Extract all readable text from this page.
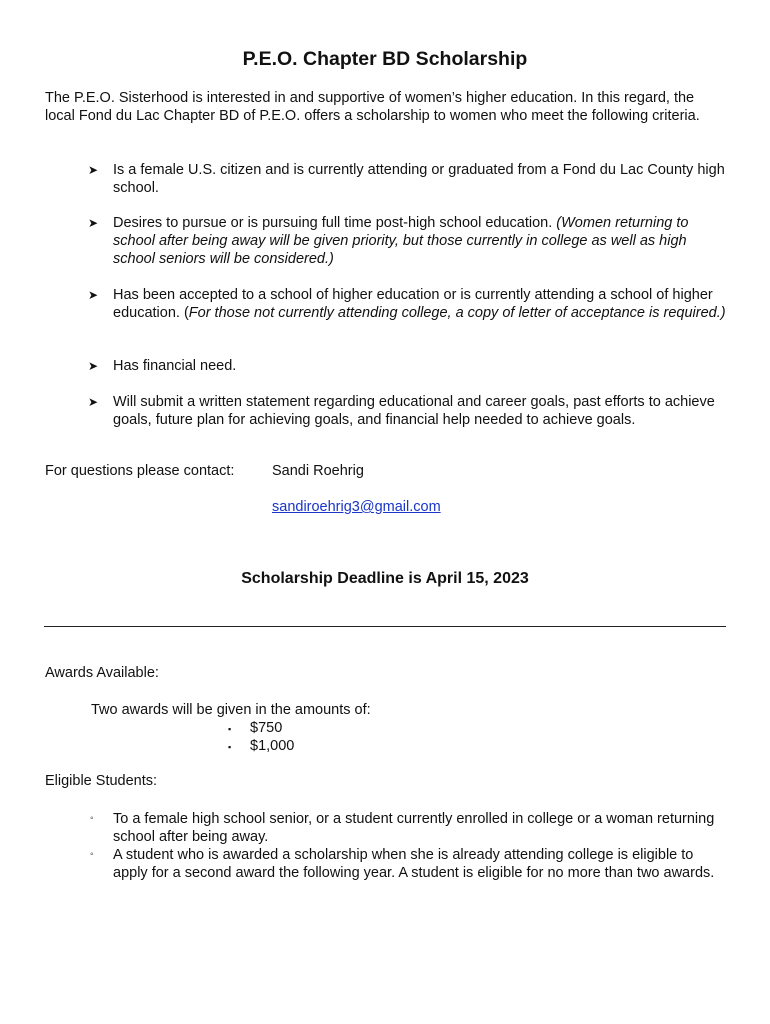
P.E.O. Chapter BD Scholarship
The P.E.O. Sisterhood is interested in and supportive of women’s higher education. In this regard, the local Fond du Lac Chapter BD of P.E.O. offers a scholarship to women who meet the following criteria.
➤	Is a female U.S. citizen and is currently attending or graduated from a Fond du Lac County high school.
➤	Desires to pursue or is pursuing full time post-high school education. (Women returning to school after being away will be given priority, but those currently in college as well as high school seniors will be considered.)
➤	Has been accepted to a school of higher education or is currently attending a school of higher education. (For those not currently attending college, a copy of letter of acceptance is required.)
➤	Has financial need.
➤	Will submit a written statement regarding educational and career goals, past efforts to achieve goals, future plan for achieving goals, and financial help needed to achieve goals.
For questions please contact:	Sandi Roehrig
sandiroehrig3@gmail.com
Scholarship Deadline is April 15, 2023
Awards Available:
Two awards will be given in the amounts of:
▪ $750
▪ $1,000
Eligible Students:
◦ To a female high school senior, or a student currently enrolled in college or a woman returning school after being away.
◦ A student who is awarded a scholarship when she is already attending college is eligible to apply for a second award the following year. A student is eligible for no more than two awards.
